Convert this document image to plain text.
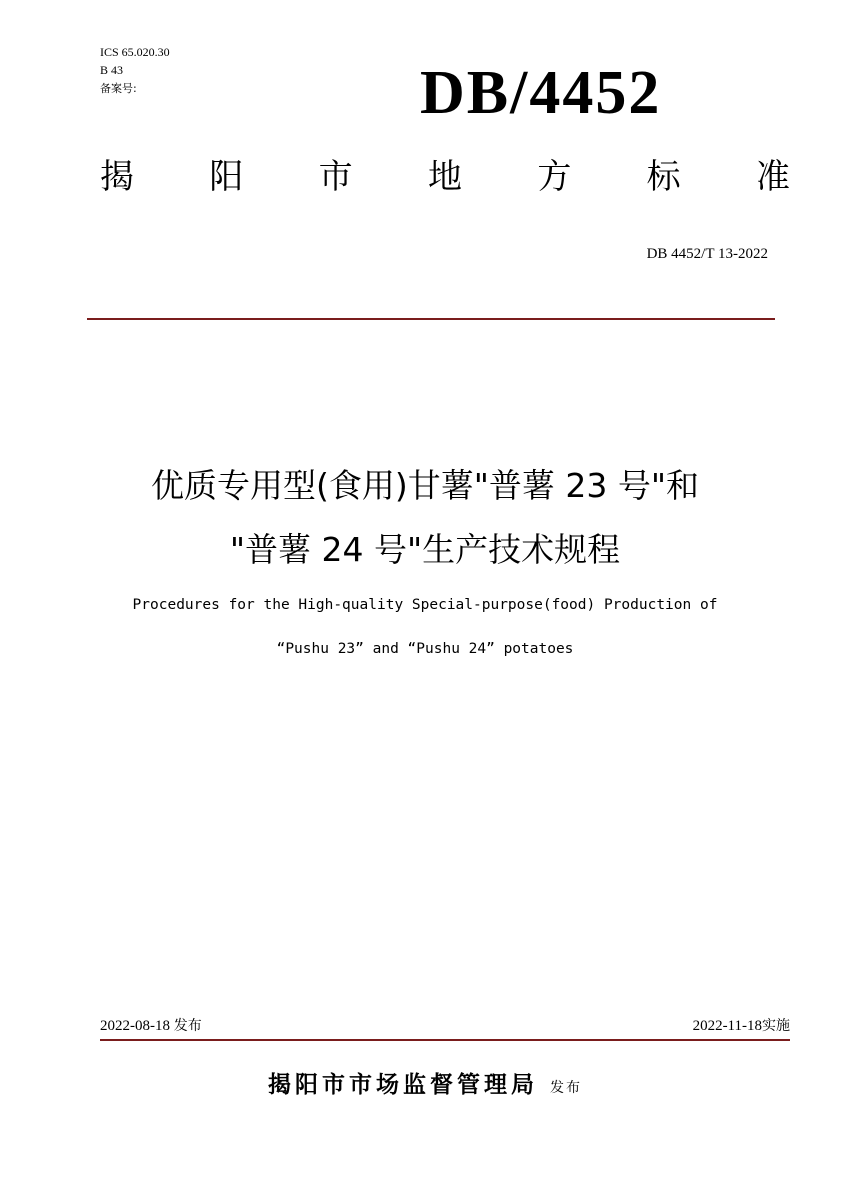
ICS 65.020.30
B 43
备案号:	DB/4452
揭 阳 市 地 方 标 准
DB 4452/T 13-2022
优质专用型(食用)甘薯"普薯 23 号"和
"普薯 24 号"生产技术规程
Procedures for the High-quality Special-purpose(food) Production of
“Pushu 23” and “Pushu 24” potatoes
2022-08-18 发布	2022-11-18实施
揭阳市市场监督管理局 发布
